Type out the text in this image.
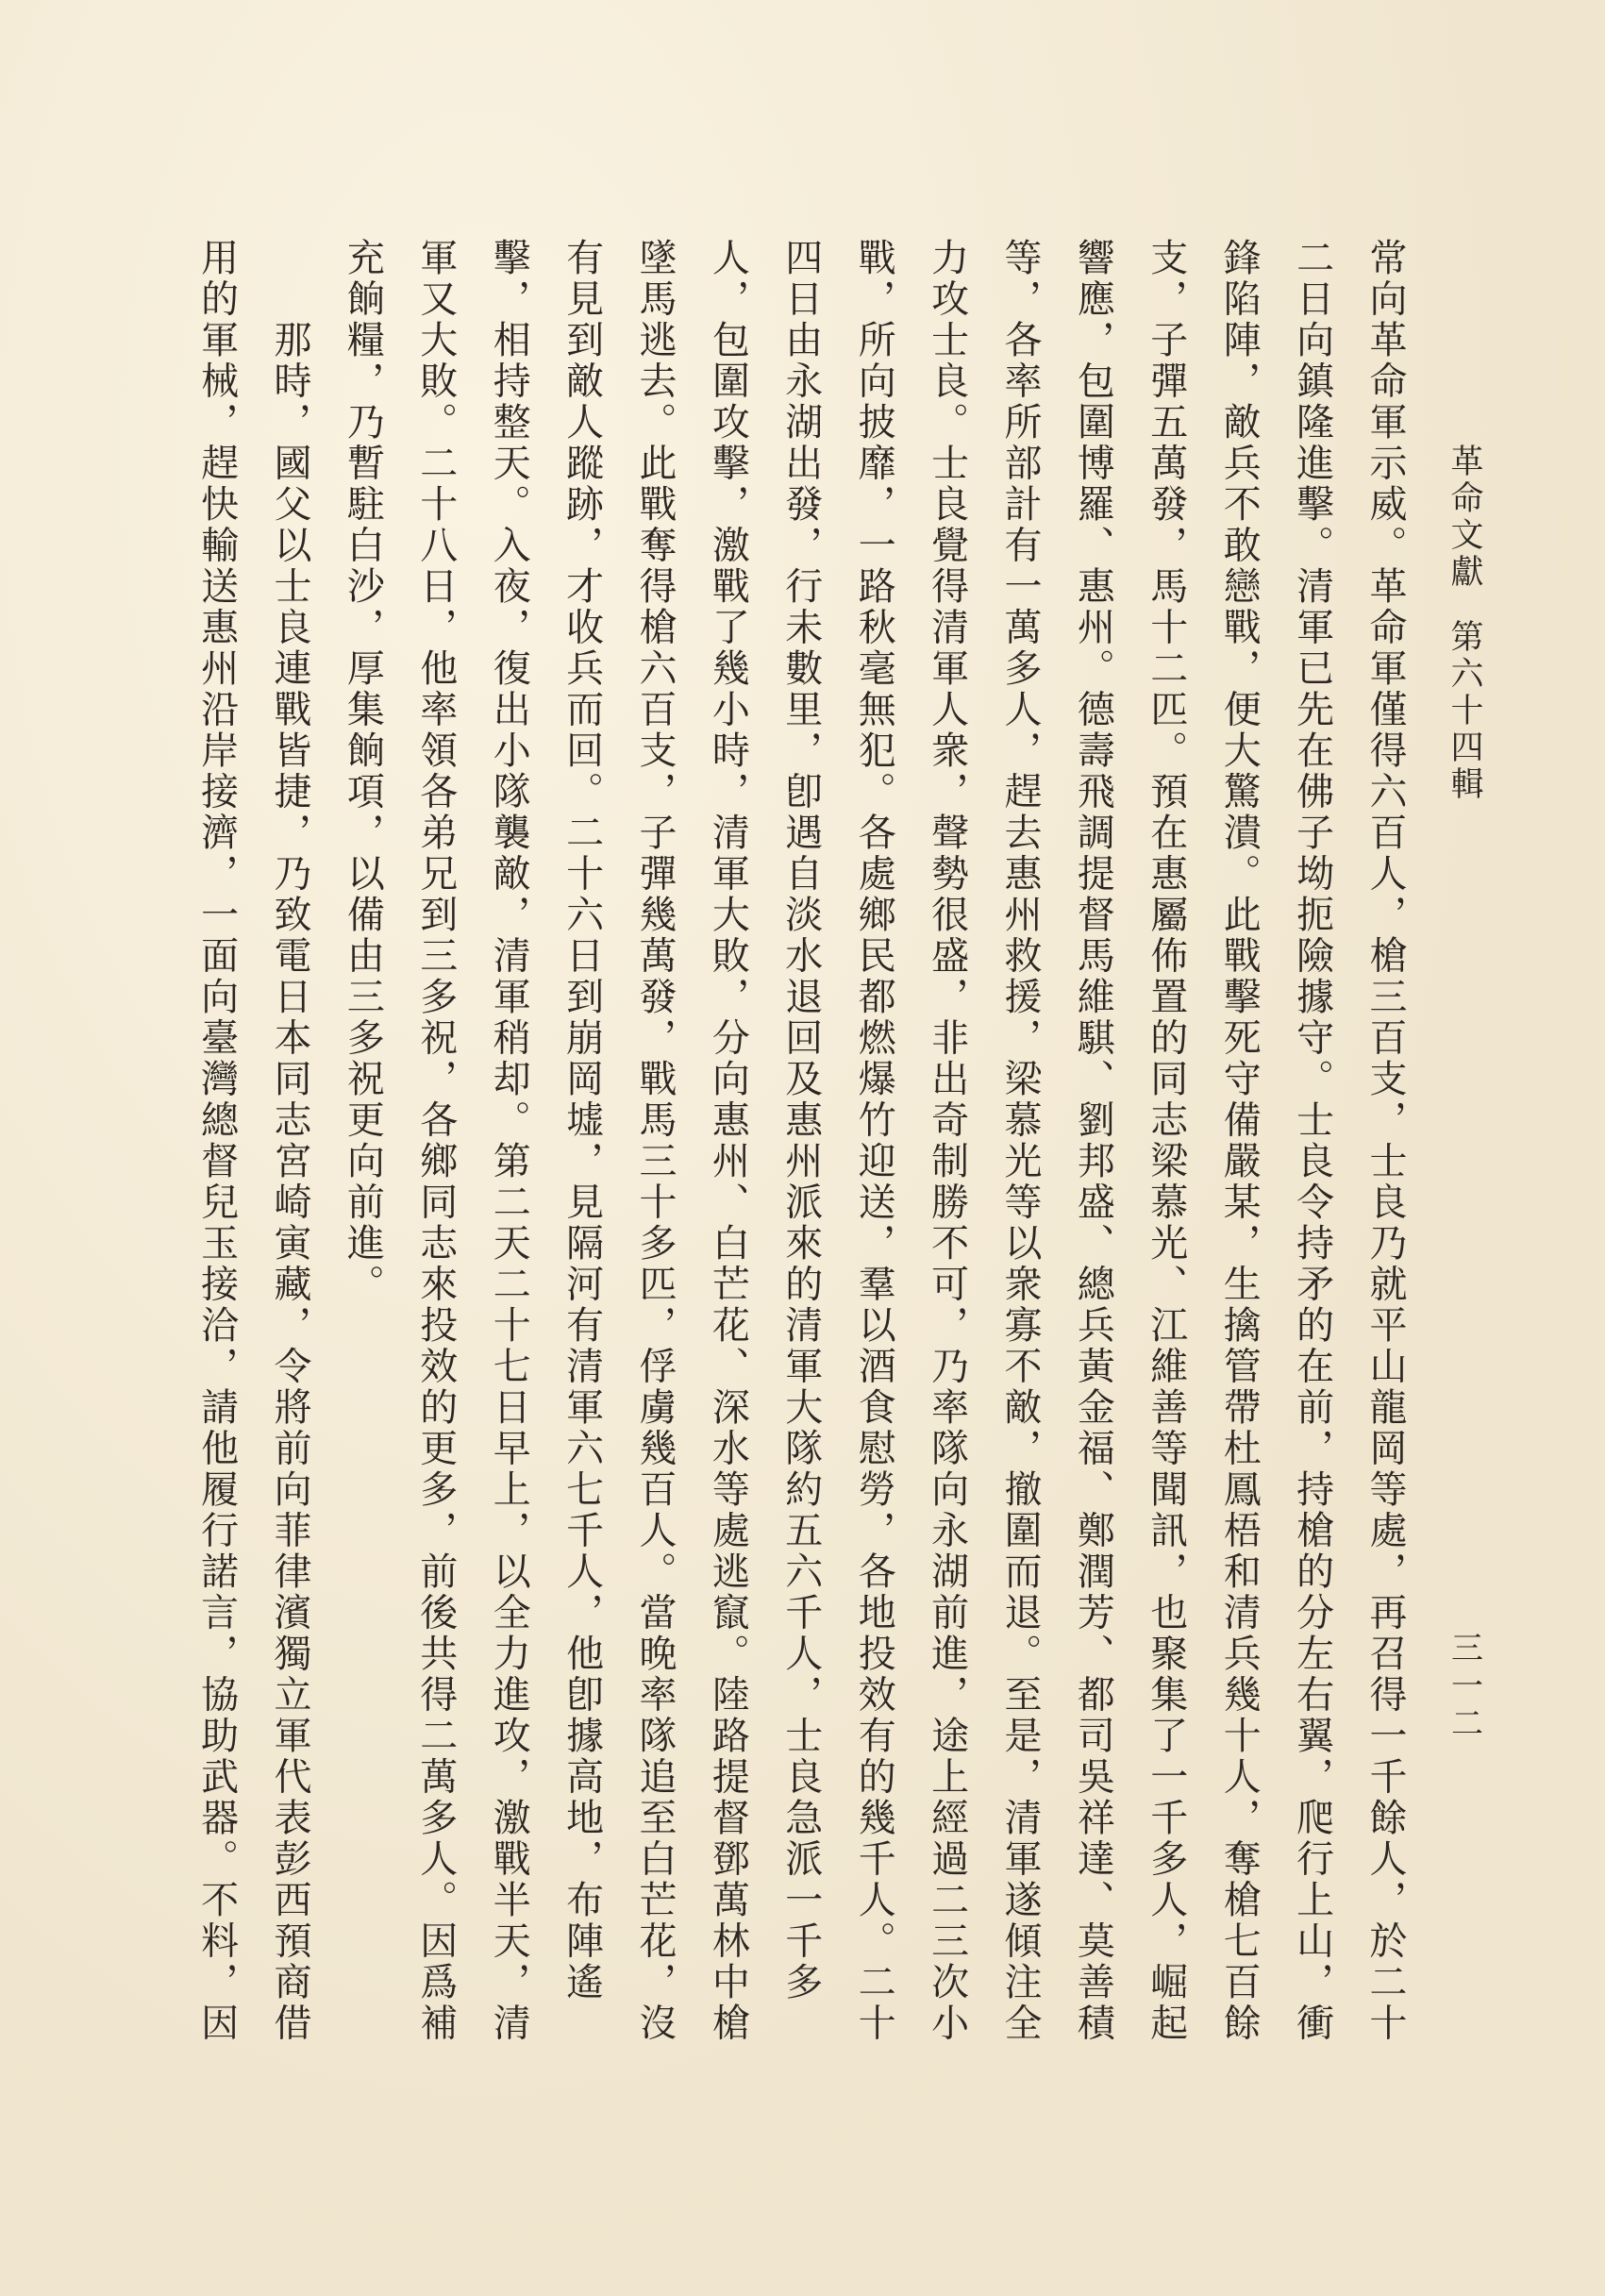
革命文獻第六十四輯
三一二
常向革命軍示威。革命軍僅得六百人，槍三百支，士良乃就平山龍岡等處，再召得一千餘人，於二十
二日向鎮隆進擊。清軍已先在佛子坳扼險據守。士良令持矛的在前，持槍的分左右翼，爬行上山，衝
鋒陷陣，敵兵不敢戀戰，便大驚潰。此戰擊死守備嚴某，生擒管帶杜鳳梧和清兵幾十人，奪槍七百餘
支，子彈五萬發，馬十二匹。預在惠屬佈置的同志梁慕光、江維善等聞訊，也聚集了一千多人，崛起
響應，包圍博羅、惠州。德壽飛調提督馬維騏、劉邦盛、總兵黃金福、鄭潤芳、都司吳祥達、莫善積
等，各率所部計有一萬多人，趕去惠州救援，梁慕光等以衆寡不敵，撤圍而退。至是，清軍遂傾注全
力攻士良。士良覺得清軍人衆，聲勢很盛，非出奇制勝不可，乃率隊向永湖前進，途上經過二三次小
戰，所向披靡，一路秋毫無犯。各處鄉民都燃爆竹迎送，羣以酒食慰勞，各地投效有的幾千人。二十
四日由永湖出發，行未數里，卽遇自淡水退回及惠州派來的清軍大隊約五六千人，士良急派一千多
人，包圍攻擊，激戰了幾小時，清軍大敗，分向惠州、白芒花、深水等處逃竄。陸路提督鄧萬林中槍
墜馬逃去。此戰奪得槍六百支，子彈幾萬發，戰馬三十多匹，俘虜幾百人。當晚率隊追至白芒花，沒
有見到敵人蹤跡，才收兵而回。二十六日到崩岡墟，見隔河有清軍六七千人，他卽據高地，布陣遙
擊，相持整天。入夜，復出小隊襲敵，清軍稍却。第二天二十七日早上，以全力進攻，激戰半天，清
軍又大敗。二十八日，他率領各弟兄到三多祝，各鄉同志來投效的更多，前後共得二萬多人。因爲補
充餉糧，乃暫駐白沙，厚集餉項，以備由三多祝更向前進。
　　那時，國父以士良連戰皆捷，乃致電日本同志宮崎寅藏，令將前向菲律濱獨立軍代表彭西預商借
用的軍械，趕快輸送惠州沿岸接濟，一面向臺灣總督兒玉接洽，請他履行諾言，協助武器。不料，因
